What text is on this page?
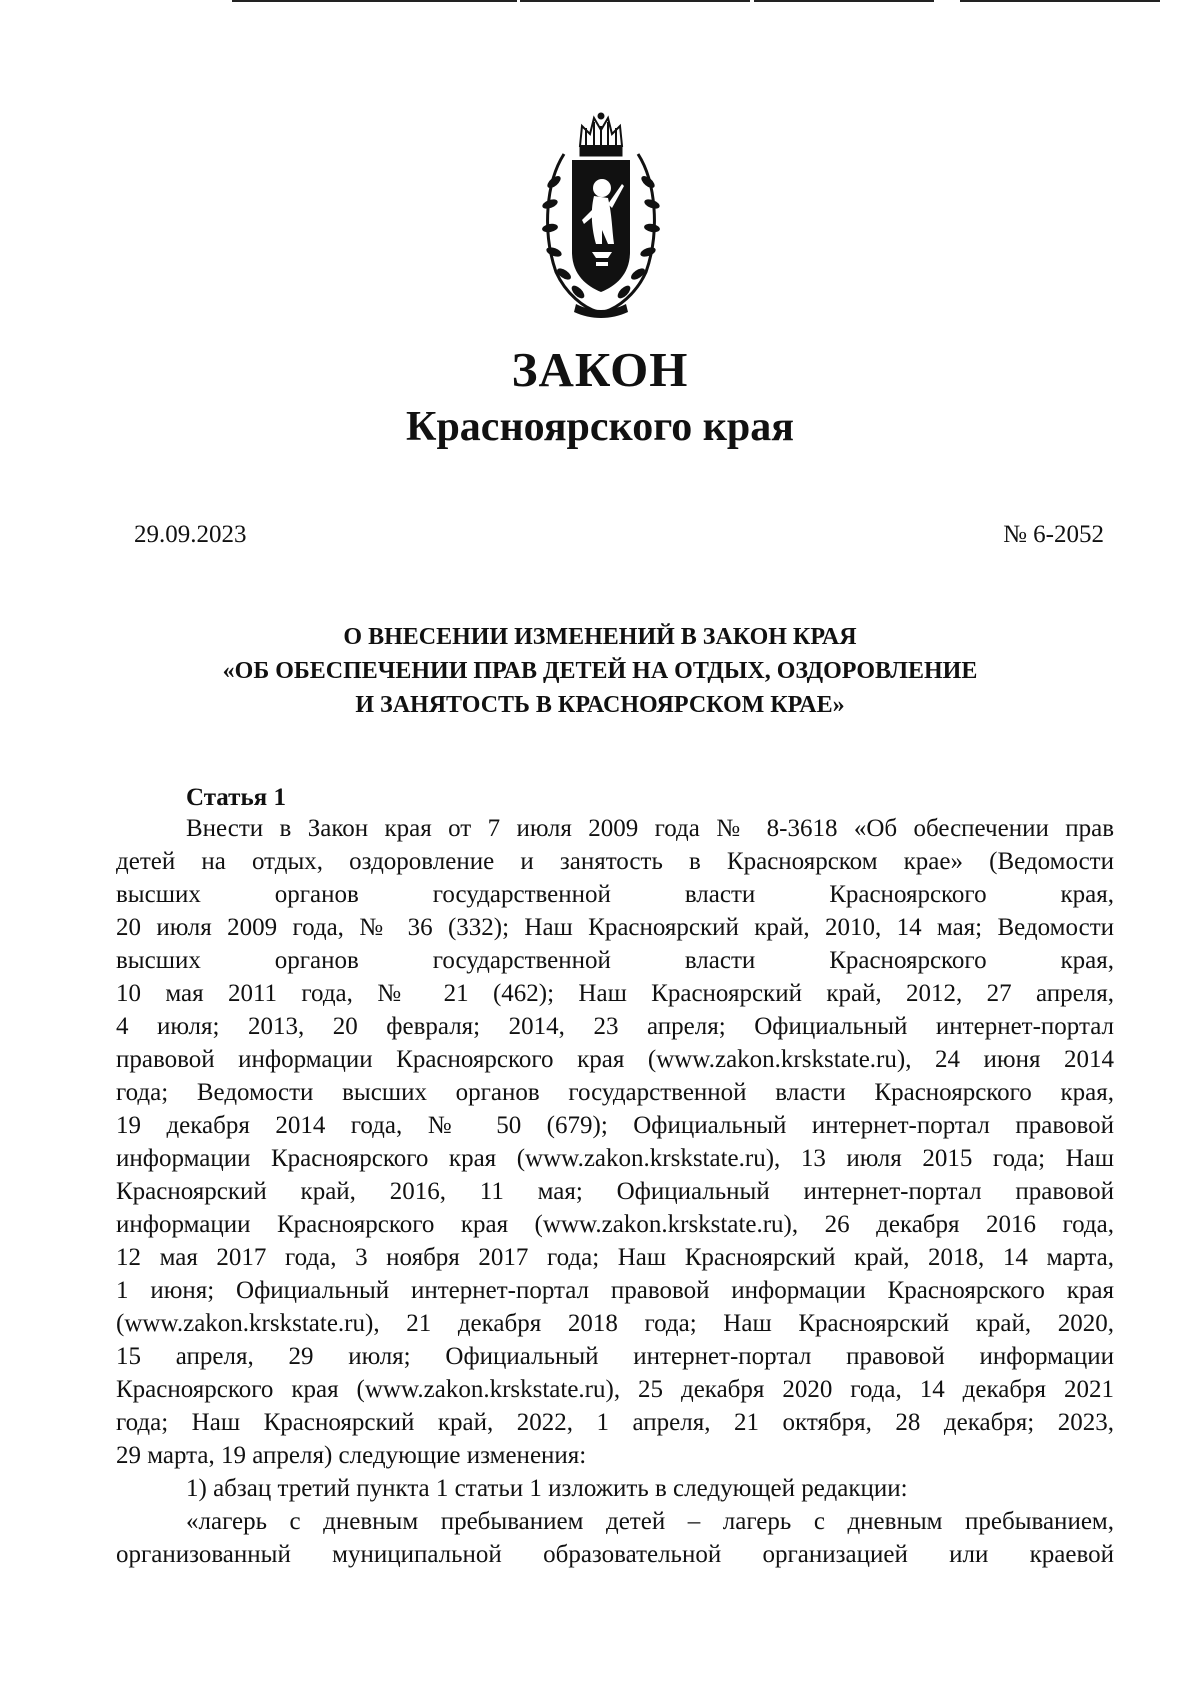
ЗАКОН
Красноярского края
29.09.2023	№ 6-2052
О ВНЕСЕНИИ ИЗМЕНЕНИЙ В ЗАКОН КРАЯ
«ОБ ОБЕСПЕЧЕНИИ ПРАВ ДЕТЕЙ НА ОТДЫХ, ОЗДОРОВЛЕНИЕ
И ЗАНЯТОСТЬ В КРАСНОЯРСКОМ КРАЕ»
Статья 1
Внести в Закон края от 7 июля 2009 года № 8-3618 «Об обеспечении прав
детей на отдых, оздоровление и занятость в Красноярском крае» (Ведомости
высших органов государственной власти Красноярского края,
20 июля 2009 года, № 36 (332); Наш Красноярский край, 2010, 14 мая; Ведомости
высших органов государственной власти Красноярского края,
10 мая 2011 года, № 21 (462); Наш Красноярский край, 2012, 27 апреля,
4 июля; 2013, 20 февраля; 2014, 23 апреля; Официальный интернет-портал
правовой информации Красноярского края (www.zakon.krskstate.ru), 24 июня 2014
года; Ведомости высших органов государственной власти Красноярского края,
19 декабря 2014 года, № 50 (679); Официальный интернет-портал правовой
информации Красноярского края (www.zakon.krskstate.ru), 13 июля 2015 года; Наш
Красноярский край, 2016, 11 мая; Официальный интернет-портал правовой
информации Красноярского края (www.zakon.krskstate.ru), 26 декабря 2016 года,
12 мая 2017 года, 3 ноября 2017 года; Наш Красноярский край, 2018, 14 марта,
1 июня; Официальный интернет-портал правовой информации Красноярского края
(www.zakon.krskstate.ru), 21 декабря 2018 года; Наш Красноярский край, 2020,
15 апреля, 29 июля; Официальный интернет-портал правовой информации
Красноярского края (www.zakon.krskstate.ru), 25 декабря 2020 года, 14 декабря 2021
года; Наш Красноярский край, 2022, 1 апреля, 21 октября, 28 декабря; 2023,
29 марта, 19 апреля) следующие изменения:
1) абзац третий пункта 1 статьи 1 изложить в следующей редакции:
«лагерь с дневным пребыванием детей – лагерь с дневным пребыванием,
организованный муниципальной образовательной организацией или краевой
